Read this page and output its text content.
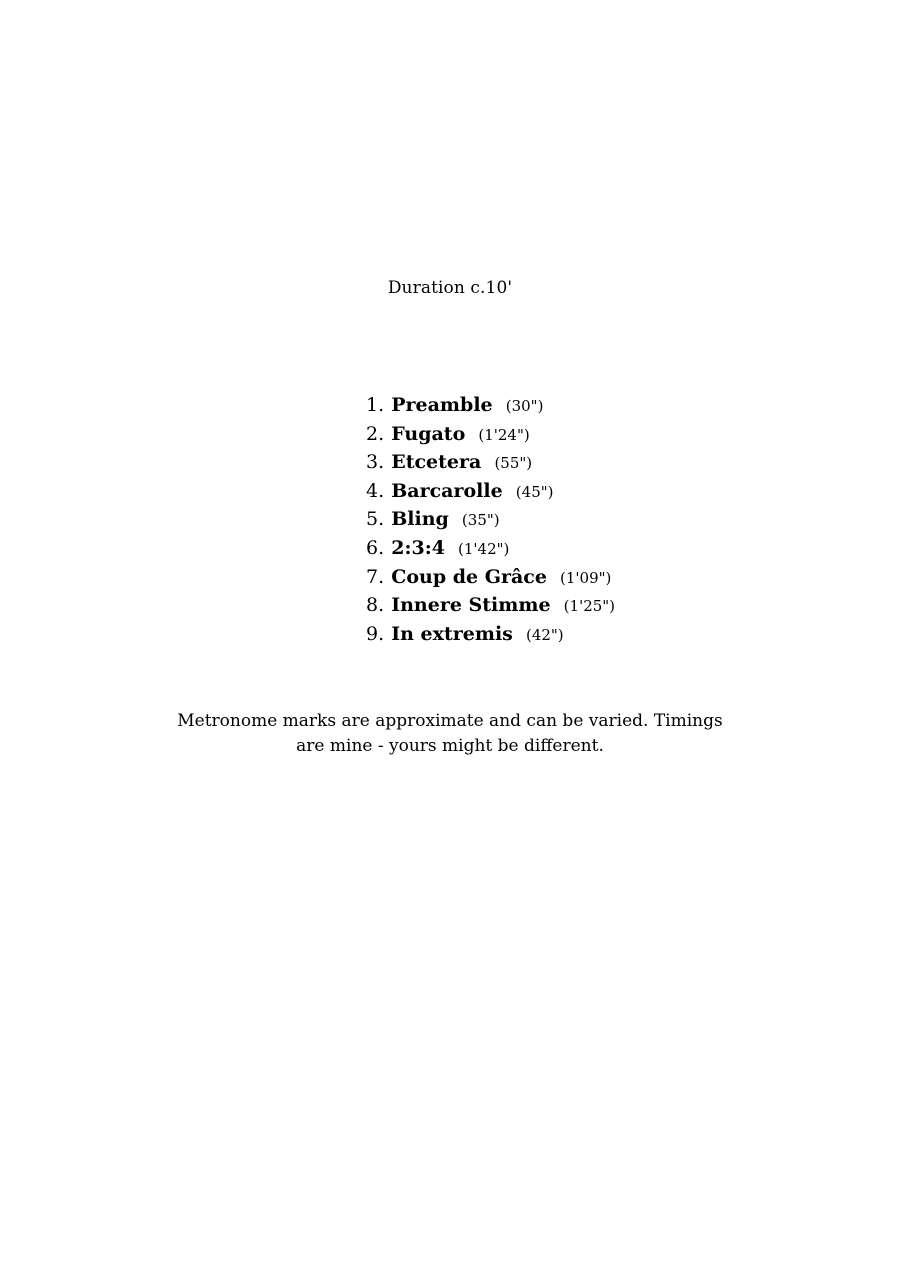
Duration c.10'
1. Preamble (30")
2. Fugato (1'24")
3. Etcetera (55")
4. Barcarolle (45")
5. Bling (35")
6. 2:3:4 (1'42")
7. Coup de Grâce (1'09")
8. Innere Stimme (1'25")
9. In extremis (42")
Metronome marks are approximate and can be varied. Timings
are mine - yours might be different.
